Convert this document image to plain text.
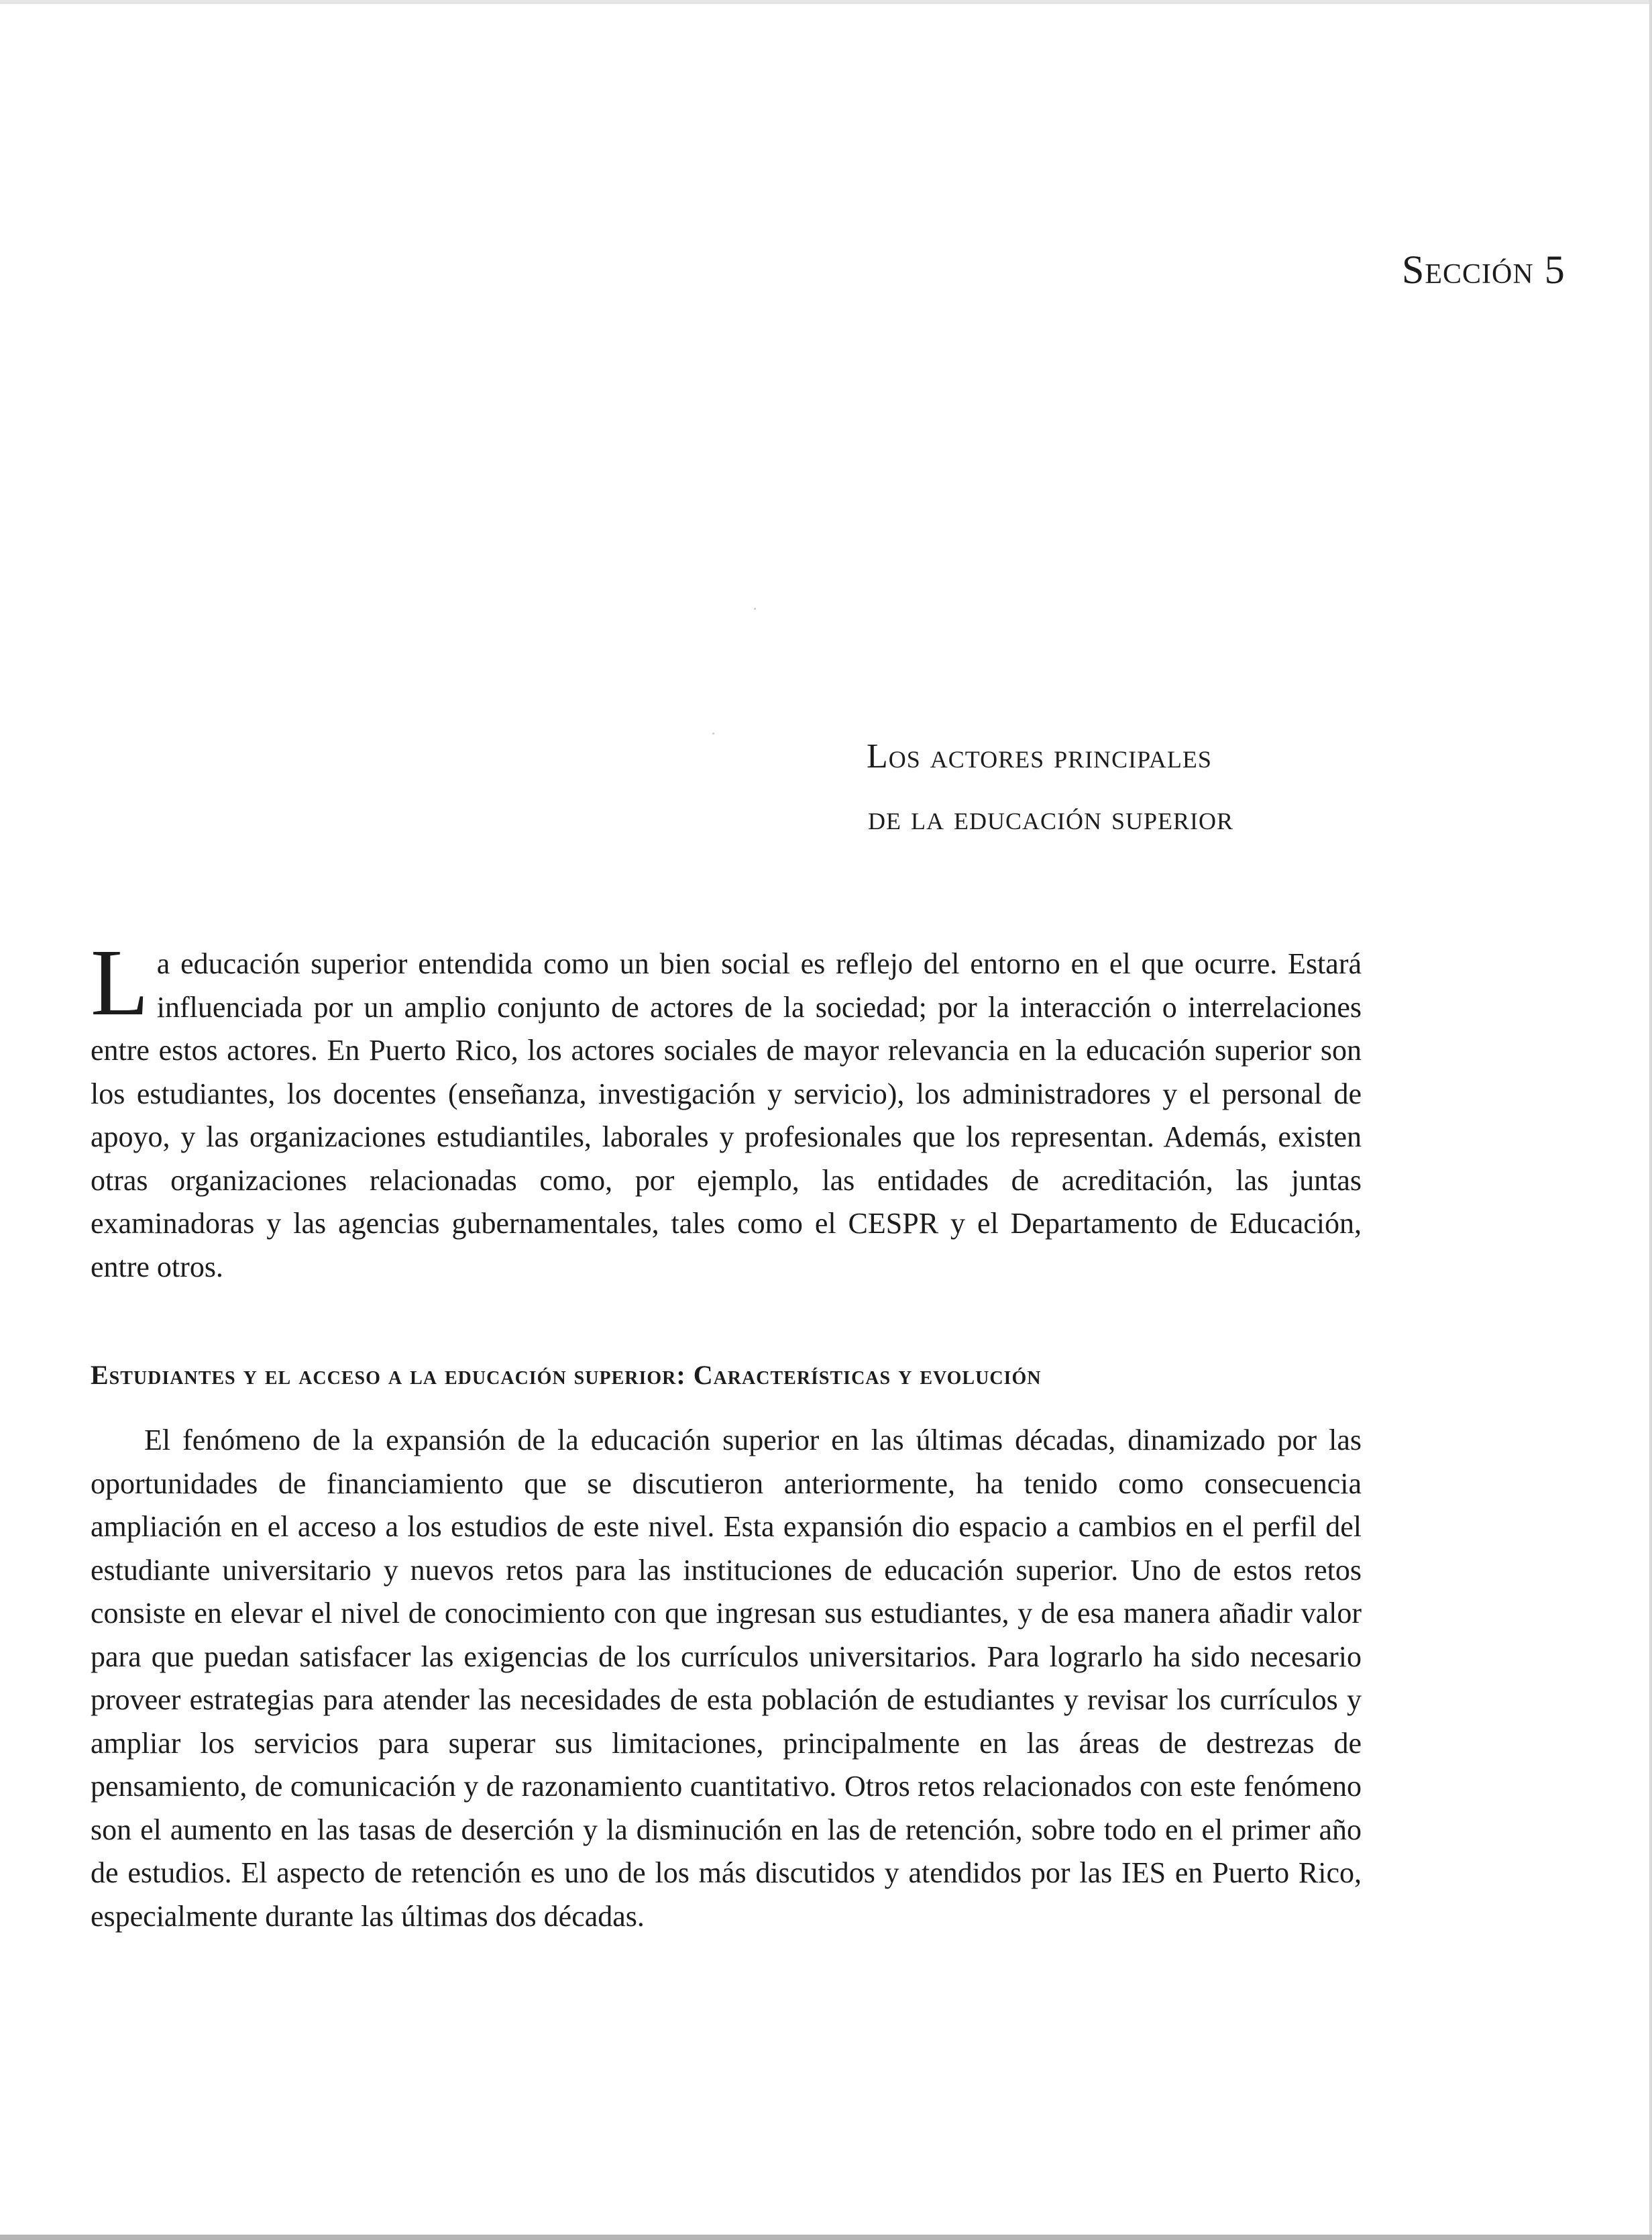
Sección 5
Los actores principales
de la educación superior
La educación superior entendida como un bien social es reflejo del entorno en el que ocurre. Estará influenciada por un amplio conjunto de actores de la sociedad; por la interacción o interrelaciones entre estos actores. En Puerto Rico, los actores sociales de mayor relevancia en la educación superior son los estudiantes, los docentes (enseñanza, investigación y servicio), los administradores y el personal de apoyo, y las organizaciones estudiantiles, laborales y profesionales que los representan. Además, existen otras organizaciones relacionadas como, por ejemplo, las entidades de acreditación, las juntas examinadoras y las agencias gubernamentales, tales como el CESPR y el Departamento de Educación, entre otros.
Estudiantes y el acceso a la educación superior: Características y evolución
El fenómeno de la expansión de la educación superior en las últimas décadas, dinamizado por las oportunidades de financiamiento que se discutieron anteriormente, ha tenido como consecuencia ampliación en el acceso a los estudios de este nivel. Esta expansión dio espacio a cambios en el perfil del estudiante universitario y nuevos retos para las instituciones de educación superior. Uno de estos retos consiste en elevar el nivel de conocimiento con que ingresan sus estudiantes, y de esa manera añadir valor para que puedan satisfacer las exigencias de los currículos universitarios. Para lograrlo ha sido necesario proveer estrategias para atender las necesidades de esta población de estudiantes y revisar los currículos y ampliar los servicios para superar sus limitaciones, principalmente en las áreas de destrezas de pensamiento, de comunicación y de razonamiento cuantitativo. Otros retos relacionados con este fenómeno son el aumento en las tasas de deserción y la disminución en las de retención, sobre todo en el primer año de estudios. El aspecto de retención es uno de los más discutidos y atendidos por las IES en Puerto Rico, especialmente durante las últimas dos décadas.
